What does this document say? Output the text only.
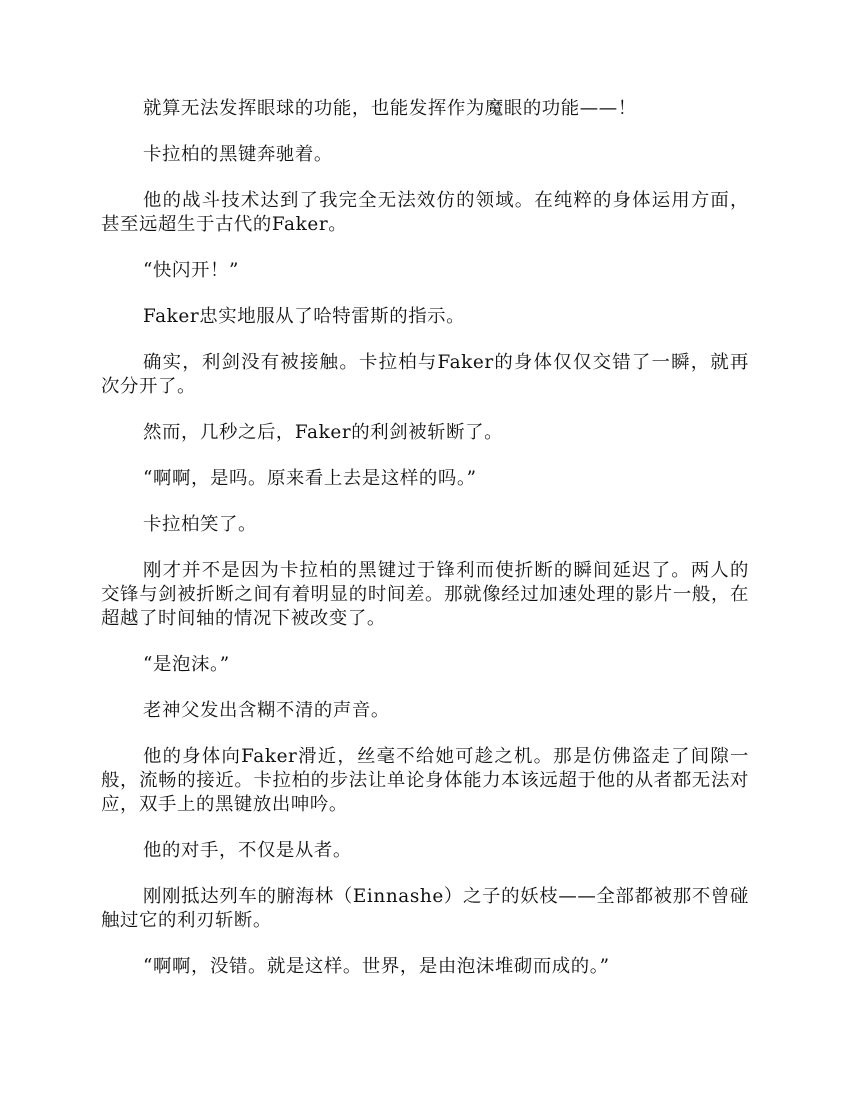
就算无法发挥眼球的功能，也能发挥作为魔眼的功能——！

卡拉柏的黑键奔驰着。

他的战斗技术达到了我完全无法效仿的领域。在纯粹的身体运用方面，甚至远超生于古代的Faker。

“快闪开！”

Faker忠实地服从了哈特雷斯的指示。

确实，利剑没有被接触。卡拉柏与Faker的身体仅仅交错了一瞬，就再次分开了。

然而，几秒之后，Faker的利剑被斩断了。

“啊啊，是吗。原来看上去是这样的吗。”

卡拉柏笑了。

刚才并不是因为卡拉柏的黑键过于锋利而使折断的瞬间延迟了。两人的交锋与剑被折断之间有着明显的时间差。那就像经过加速处理的影片一般，在超越了时间轴的情况下被改变了。

“是泡沫。”

老神父发出含糊不清的声音。

他的身体向Faker滑近，丝毫不给她可趁之机。那是仿佛盗走了间隙一般，流畅的接近。卡拉柏的步法让单论身体能力本该远超于他的从者都无法对应，双手上的黑键放出呻吟。

他的对手，不仅是从者。

刚刚抵达列车的腑海林（Einnashe）之子的妖枝——全部都被那不曾碰触过它的利刃斩断。

“啊啊，没错。就是这样。世界，是由泡沫堆砌而成的。”
